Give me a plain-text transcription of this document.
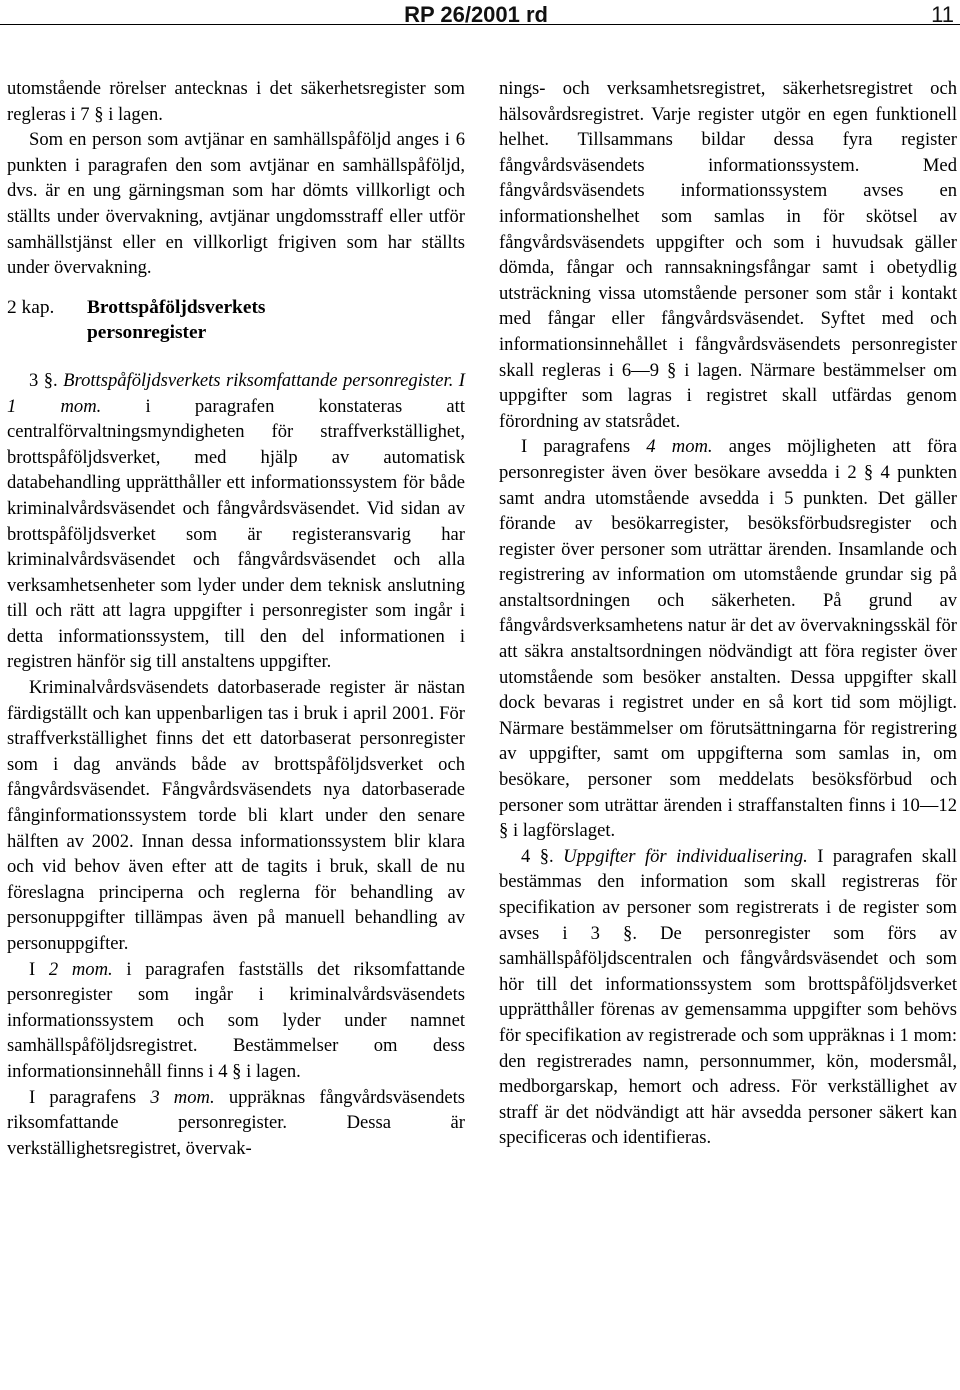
RP 26/2001 rd	11

utomstående rörelser antecknas i det säkerhetsregister som regleras i 7 § i lagen.

Som en person som avtjänar en samhällspåföljd anges i 6 punkten i paragrafen den som avtjänar en samhällspåföljd, dvs. är en ung gärningsman som har dömts villkorligt och ställts under övervakning, avtjänar ungdomsstraff eller utför samhällstjänst eller en villkorligt frigiven som har ställts under övervakning.

2 kap.	Brottspåföljdsverkets personregister

3 §. Brottspåföljdsverkets riksomfattande personregister. I 1 mom. i paragrafen konstateras att centralförvaltningsmyndigheten för straffverkställighet, brottspåföljdsverket, med hjälp av automatisk databehandling upprätthåller ett informationssystem för både kriminalvårdsväsendet och fångvårdsväsendet. Vid sidan av brottspåföljdsverket som är registeransvarig har kriminalvårdsväsendet och fångvårdsväsendet och alla verksamhetsenheter som lyder under dem teknisk anslutning till och rätt att lagra uppgifter i personregister som ingår i detta informationssystem, till den del informationen i registren hänför sig till anstaltens uppgifter.

Kriminalvårdsväsendets datorbaserade register är nästan färdigställt och kan uppenbarligen tas i bruk i april 2001. För straffverkställighet finns det ett datorbaserat personregister som i dag används både av brottspåföljdsverket och fångvårdsväsendet. Fångvårdsväsendets nya datorbaserade fånginformationssystem torde bli klart under den senare hälften av 2002. Innan dessa informationssystem blir klara och vid behov även efter att de tagits i bruk, skall de nu föreslagna principerna och reglerna för behandling av personuppgifter tillämpas även på manuell behandling av personuppgifter.

I 2 mom. i paragrafen fastställs det riksomfattande personregister som ingår i kriminalvårdsväsendets informationssystem och som lyder under namnet samhällspåföljdsregistret. Bestämmelser om dess informationsinnehåll finns i 4 § i lagen.

I paragrafens 3 mom. uppräknas fångvårdsväsendets riksomfattande personregister. Dessa är verkställighetsregistret, övervak-

nings- och verksamhetsregistret, säkerhetsregistret och hälsovårdsregistret. Varje register utgör en egen funktionell helhet. Tillsammans bildar dessa fyra register fångvårdsväsendets informationssystem. Med fångvårdsväsendets informationssystem avses en informationshelhet som samlas in för skötsel av fångvårdsväsendets uppgifter och som i huvudsak gäller dömda, fångar och rannsakningsfångar samt i obetydlig utsträckning vissa utomstående personer som står i kontakt med fångar eller fångvårdsväsendet. Syftet med och informationsinnehållet i fångvårdsväsendets personregister skall regleras i 6—9 § i lagen. Närmare bestämmelser om uppgifter som lagras i registret skall utfärdas genom förordning av statsrådet.

I paragrafens 4 mom. anges möjligheten att föra personregister även över besökare avsedda i 2 § 4 punkten samt andra utomstående avsedda i 5 punkten. Det gäller förande av besökarregister, besöksförbudsregister och register över personer som uträttar ärenden. Insamlande och registrering av information om utomstående grundar sig på anstaltsordningen och säkerheten. På grund av fångvårdsverksamhetens natur är det av övervakningsskäl för att säkra anstaltsordningen nödvändigt att föra register över utomstående som besöker anstalten. Dessa uppgifter skall dock bevaras i registret under en så kort tid som möjligt. Närmare bestämmelser om förutsättningarna för registrering av uppgifter, samt om uppgifterna som samlas in, om besökare, personer som meddelats besöksförbud och personer som uträttar ärenden i straffanstalten finns i 10—12 § i lagförslaget.

4 §. Uppgifter för individualisering. I paragrafen skall bestämmas den information som skall registreras för specifikation av personer som registrerats i de register som avses i 3 §. De personregister som förs av samhällspåföljdscentralen och fångvårdsväsendet och som hör till det informationssystem som brottspåföljdsverket upprätthåller förenas av gemensamma uppgifter som behövs för specifikation av registrerade och som uppräknas i 1 mom: den registrerades namn, personnummer, kön, modersmål, medborgarskap, hemort och adress. För verkställighet av straff är det nödvändigt att här avsedda personer säkert kan specificeras och identifieras.
